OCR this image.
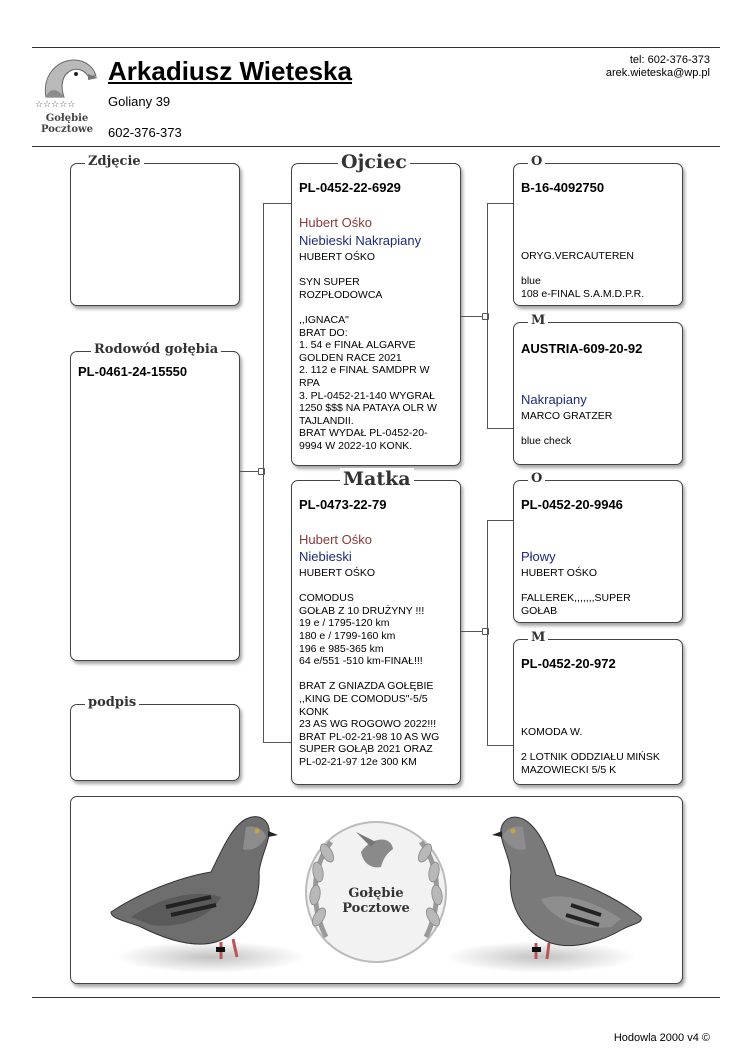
☆☆☆☆☆
Gołębie
Pocztowe
Arkadiusz Wieteska
Goliany 39
602-376-373
tel: 602-376-373
arek.wieteska@wp.pl
Zdjęcie
Rodowód gołębia
PL-0461-24-15550
podpis
Ojciec
PL-0452-22-6929
Hubert Ośko
Niebieski Nakrapiany
HUBERT OŚKO

SYN SUPER
ROZPŁODOWCA

,,IGNACA"
BRAT DO:
1. 54 e FINAŁ ALGARVE
GOLDEN RACE 2021
2. 112 e FINAŁ SAMDPR W
RPA
3. PL-0452-21-140 WYGRAŁ
1250 $$$ NA PATAYA OLR W
TAJLANDII.
BRAT WYDAŁ PL-0452-20-
9994 W 2022-10 KONK.
Matka
PL-0473-22-79
Hubert Ośko
Niebieski
HUBERT OŚKO

COMODUS
GOŁAB Z 10 DRUŻYNY !!!
19 e / 1795-120 km
180 e / 1799-160 km
196 e 985-365 km
64 e/551 -510 km-FINAŁ!!!

BRAT Z GNIAZDA GOŁĘBIE
,,KING DE COMODUS"-5/5
KONK
23 AS WG ROGOWO 2022!!!
BRAT PL-02-21-98 10 AS WG
SUPER GOŁĄB 2021 ORAZ
PL-02-21-97 12e 300 KM
O
B-16-4092750
ORYG.VERCAUTEREN

blue
108 e-FINAL S.A.M.D.P.R.
M
AUSTRIA-609-20-92
Nakrapiany
MARCO GRATZER

blue check
O
PL-0452-20-9946
Płowy
HUBERT OŚKO

FALLEREK,,,,,,,SUPER
GOŁAB
M
PL-0452-20-972
KOMODA W.

2 LOTNIK ODDZIAŁU MIŃSK
MAZOWIECKI 5/5 K
Gołębie
Pocztowe
Hodowla 2000 v4 ©
